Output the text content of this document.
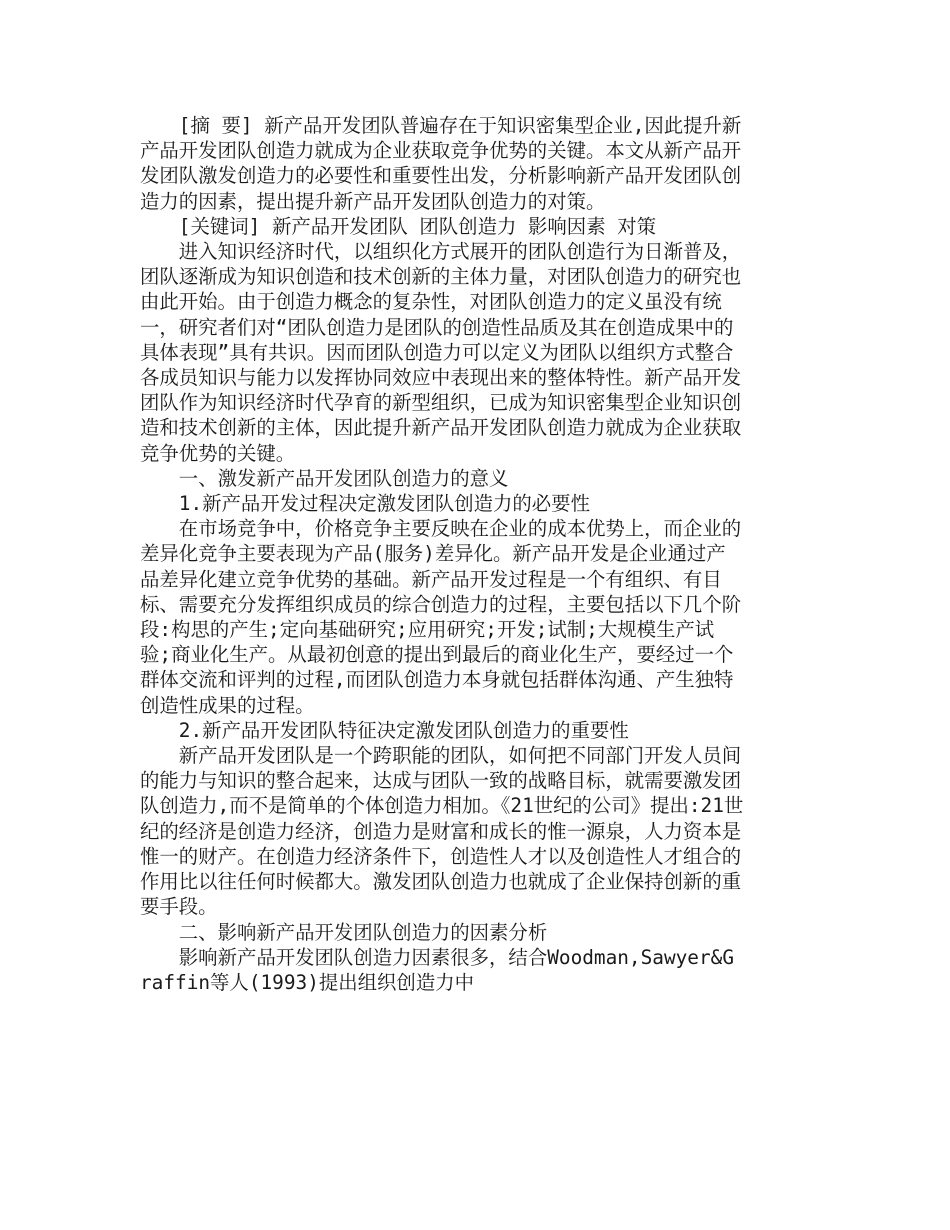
[摘 要] 新产品开发团队普遍存在于知识密集型企业,因此提升新产品开发团队创造力就成为企业获取竞争优势的关键。本文从新产品开发团队激发创造力的必要性和重要性出发，分析影响新产品开发团队创造力的因素，提出提升新产品开发团队创造力的对策。

[关键词] 新产品开发团队 团队创造力 影响因素 对策

进入知识经济时代，以组织化方式展开的团队创造行为日渐普及，团队逐渐成为知识创造和技术创新的主体力量，对团队创造力的研究也由此开始。由于创造力概念的复杂性，对团队创造力的定义虽没有统一，研究者们对“团队创造力是团队的创造性品质及其在创造成果中的具体表现”具有共识。因而团队创造力可以定义为团队以组织方式整合各成员知识与能力以发挥协同效应中表现出来的整体特性。新产品开发团队作为知识经济时代孕育的新型组织，已成为知识密集型企业知识创造和技术创新的主体，因此提升新产品开发团队创造力就成为企业获取竞争优势的关键。

一、激发新产品开发团队创造力的意义

1.新产品开发过程决定激发团队创造力的必要性

在市场竞争中，价格竞争主要反映在企业的成本优势上，而企业的差异化竞争主要表现为产品(服务)差异化。新产品开发是企业通过产品差异化建立竞争优势的基础。新产品开发过程是一个有组织、有目标、需要充分发挥组织成员的综合创造力的过程，主要包括以下几个阶段:构思的产生;定向基础研究;应用研究;开发;试制;大规模生产试验;商业化生产。从最初创意的提出到最后的商业化生产，要经过一个群体交流和评判的过程,而团队创造力本身就包括群体沟通、产生独特创造性成果的过程。

2.新产品开发团队特征决定激发团队创造力的重要性

新产品开发团队是一个跨职能的团队，如何把不同部门开发人员间的能力与知识的整合起来，达成与团队一致的战略目标，就需要激发团队创造力,而不是简单的个体创造力相加。《21世纪的公司》提出:21世纪的经济是创造力经济，创造力是财富和成长的惟一源泉，人力资本是惟一的财产。在创造力经济条件下，创造性人才以及创造性人才组合的作用比以往任何时候都大。激发团队创造力也就成了企业保持创新的重要手段。

二、影响新产品开发团队创造力的因素分析

影响新产品开发团队创造力因素很多，结合Woodman,Sawyer&Graffin等人(1993)提出组织创造力中
